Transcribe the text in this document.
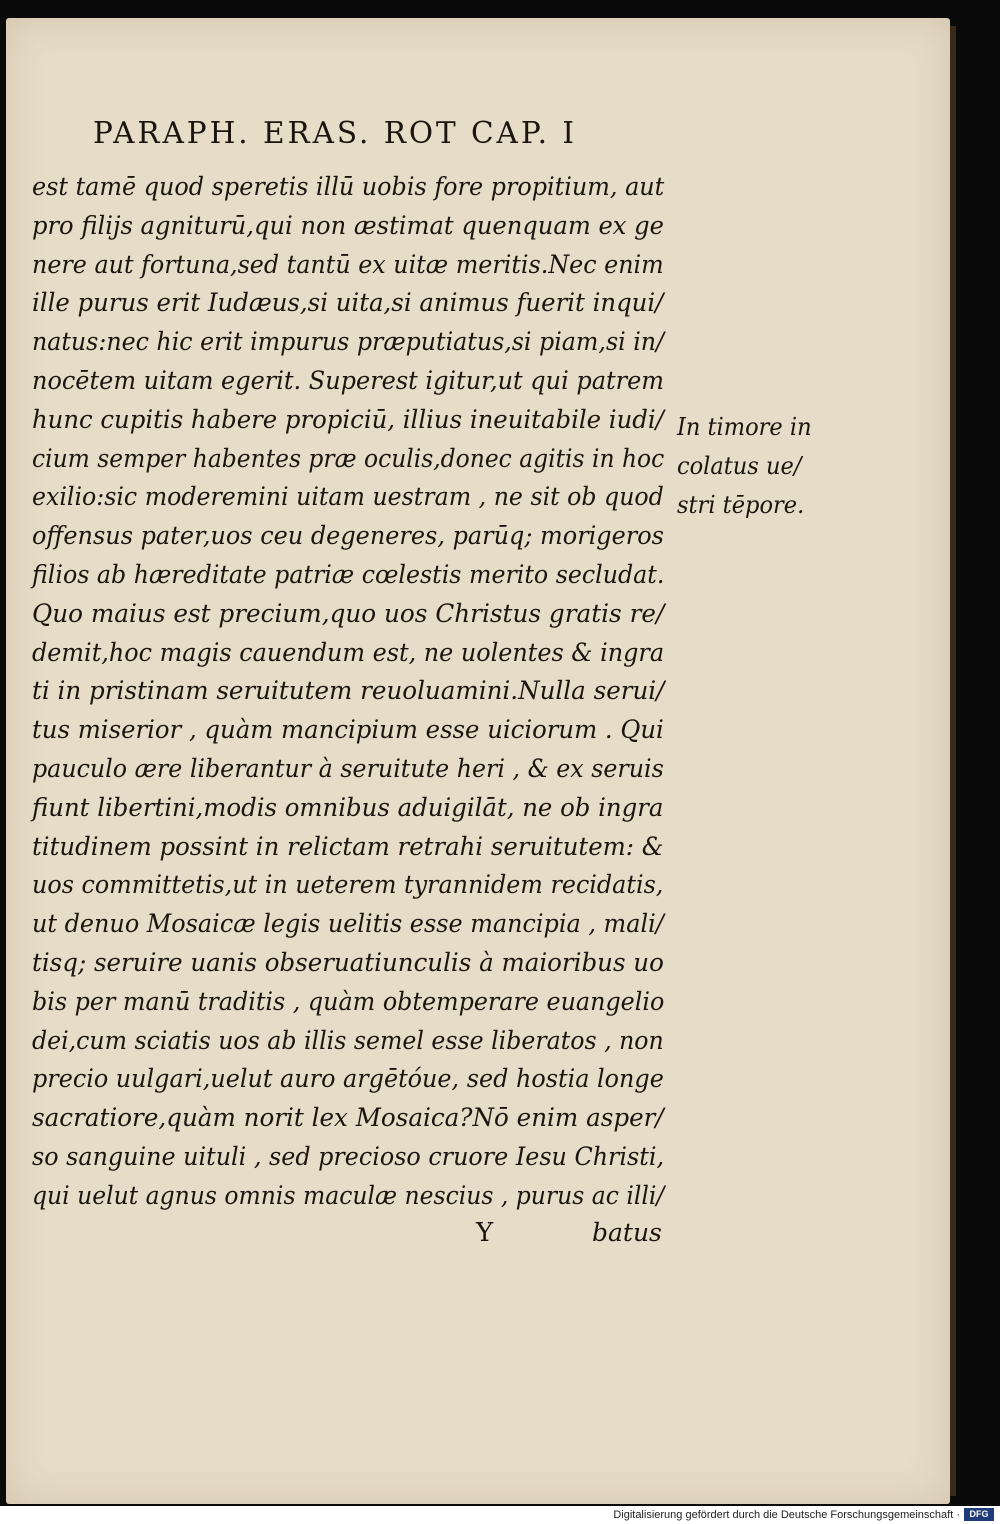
PARAPH. ERAS. ROT CAP. I
est tamē quod speretis illū uobis fore propitium, aut
pro filijs agniturū,qui non æstimat quenquam ex ge
nere aut fortuna,sed tantū ex uitæ meritis.Nec enim
ille purus erit Iudæus,si uita,si animus fuerit inqui/
natus:nec hic erit impurus præputiatus,si piam,si in/
nocētem uitam egerit. Superest igitur,ut qui patrem
hunc cupitis habere propiciū, illius ineuitabile iudi/
cium semper habentes præ oculis,donec agitis in hoc
exilio:sic moderemini uitam uestram , ne sit ob quod
offensus pater,uos ceu degeneres, parūq; morigeros
filios ab hæreditate patriæ cœlestis merito secludat.
Quo maius est precium,quo uos Christus gratis re/
demit,hoc magis cauendum est, ne uolentes & ingra
ti in pristinam seruitutem reuoluamini.Nulla serui/
tus miserior , quàm mancipium esse uiciorum . Qui
pauculo ære liberantur à seruitute heri , & ex seruis
fiunt libertini,modis omnibus aduigilāt, ne ob ingra
titudinem possint in relictam retrahi seruitutem: &
uos committetis,ut in ueterem tyrannidem recidatis,
ut denuo Mosaicæ legis uelitis esse mancipia , mali/
tisq; seruire uanis obseruatiunculis à maioribus uo
bis per manū traditis , quàm obtemperare euangelio
dei,cum sciatis uos ab illis semel esse liberatos , non
precio uulgari,uelut auro argētóue, sed hostia longe
sacratiore,quàm norit lex Mosaica?Nō enim asper/
so sanguine uituli , sed precioso cruore Iesu Christi,
qui uelut agnus omnis maculæ nescius , purus ac illi/
In timore in
colatus ue/
stri tēpore.
Y	batus
Digitalisierung gefördert durch die Deutsche Forschungsgemeinschaft ·	DFG
